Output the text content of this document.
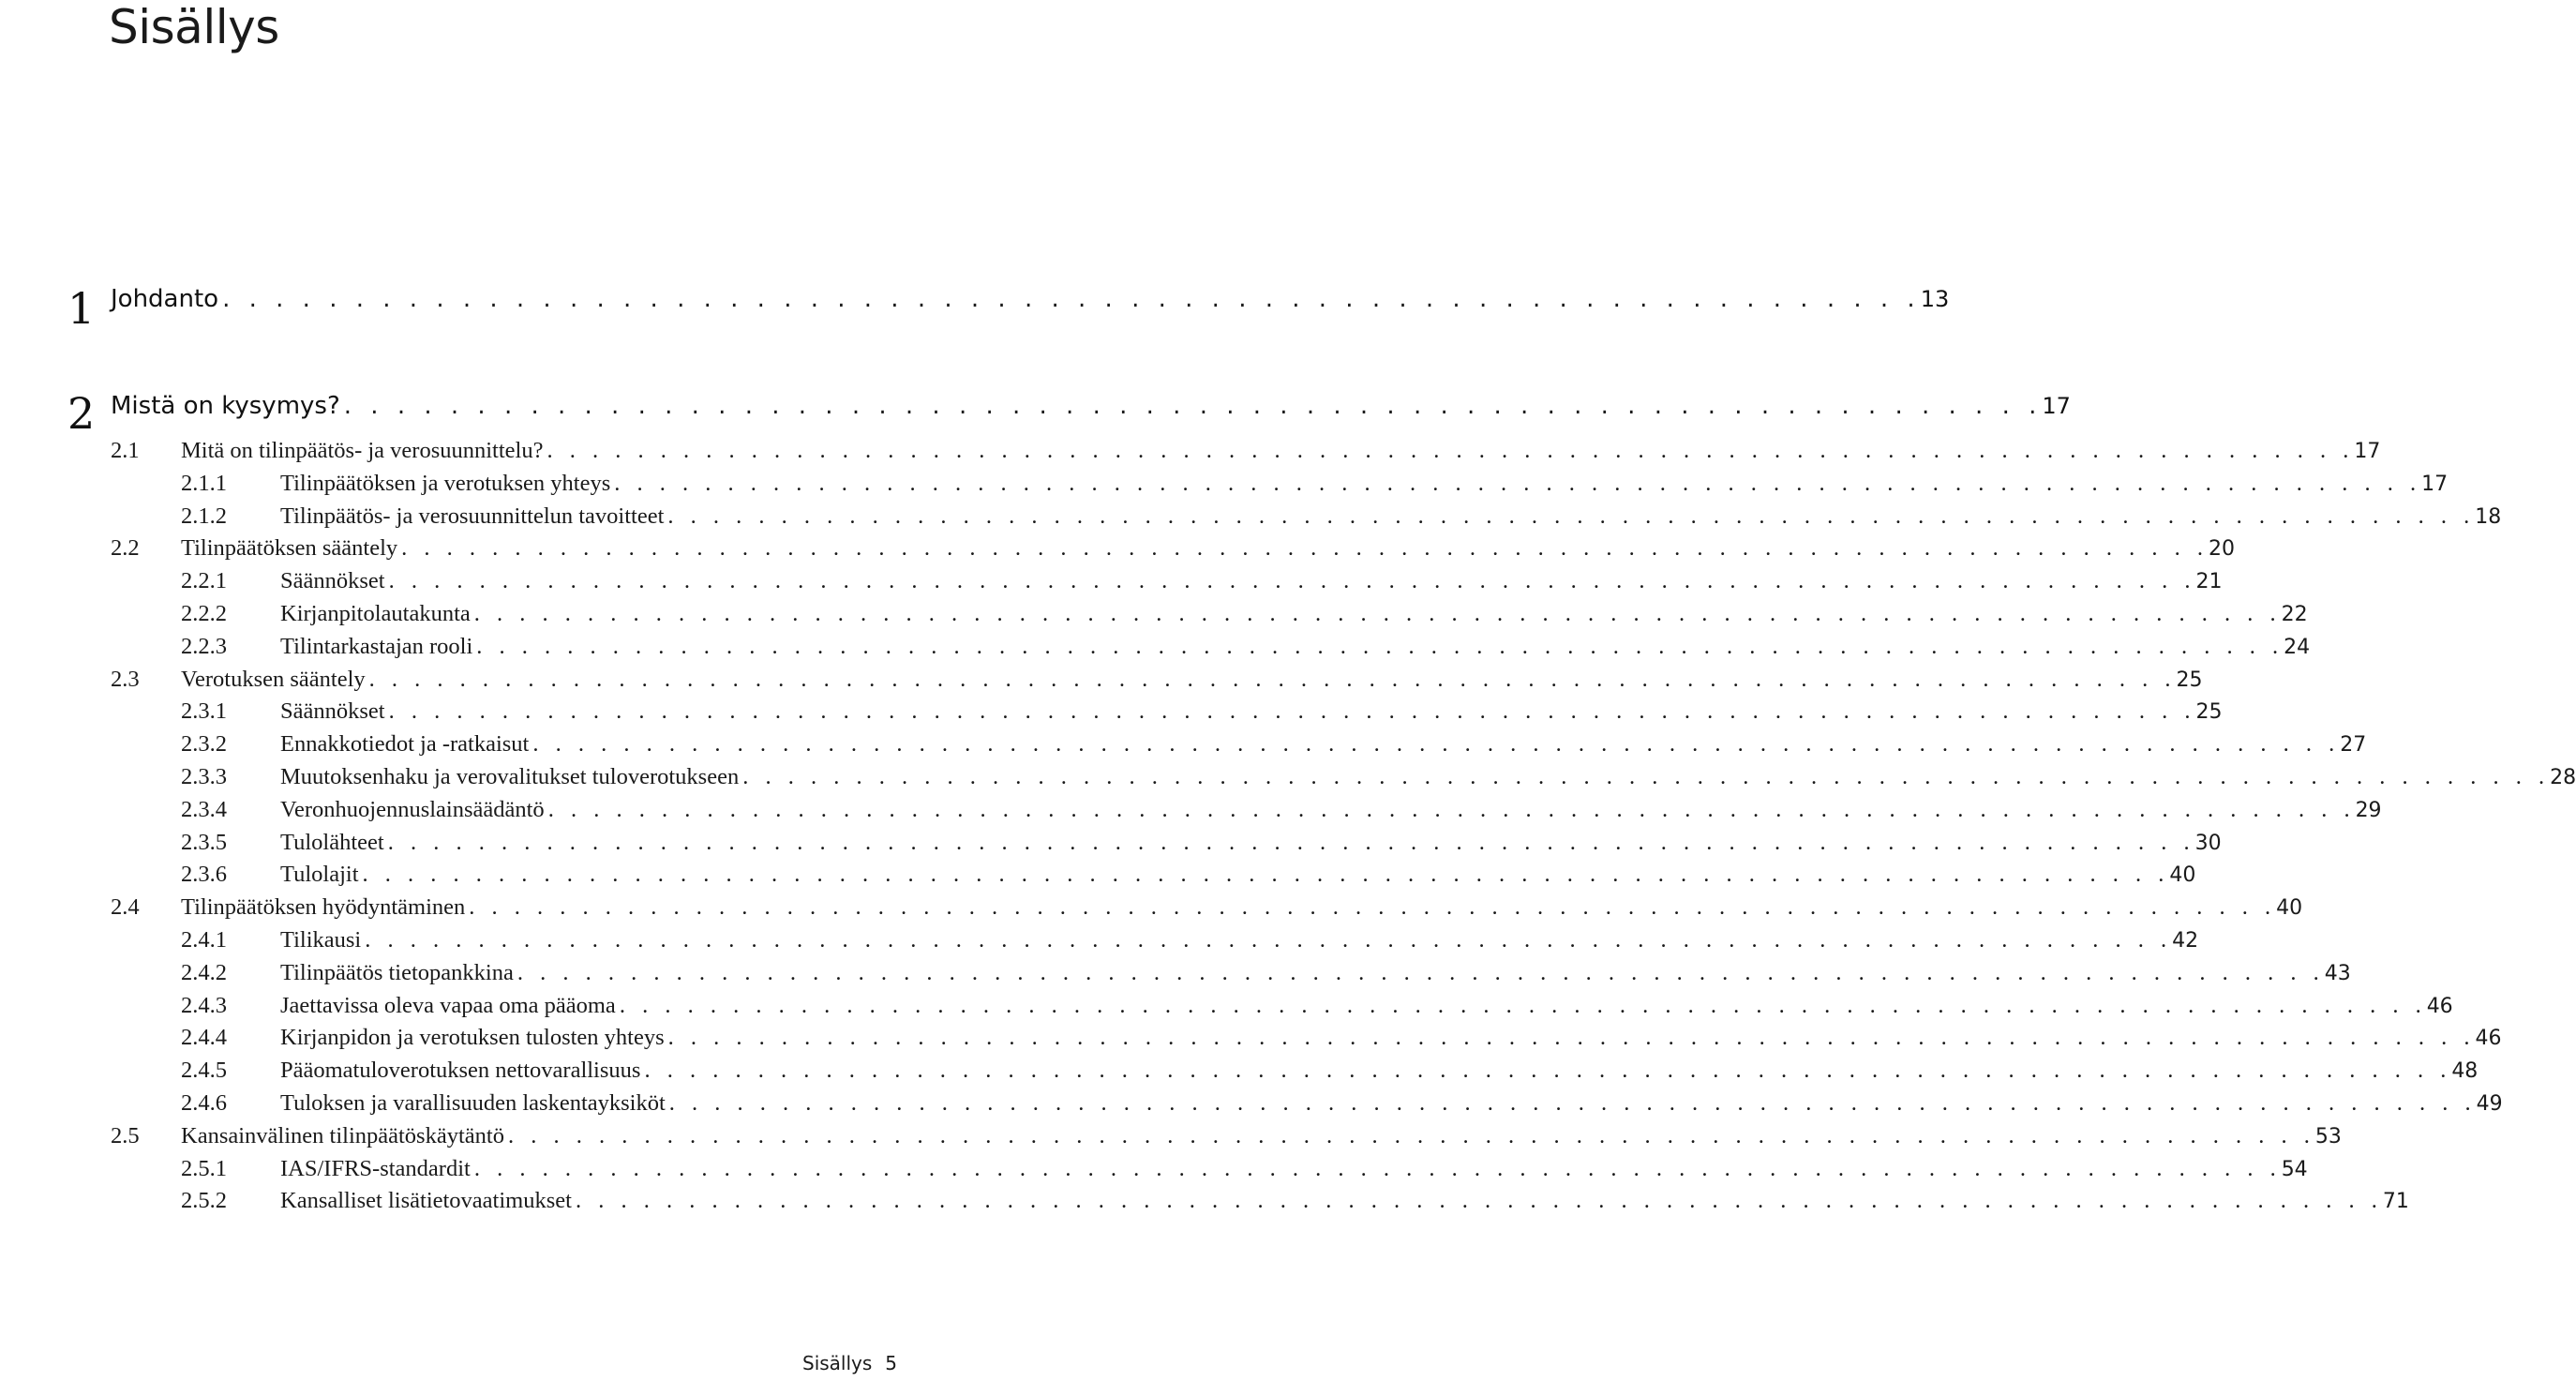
Sisällys
1 Johdanto . . . . . . . . . . . . . . . . . . . . . . . . . . . . . . . . . . . . . . . . . . . . . . . . . . . . . . . . . . . . . . . . 13
2 Mistä on kysymys? . . . . . . . . . . . . . . . . . . . . . . . . . . . . . . . . . . . . . . . . . . . . . . . . . . . . . . . . . . . . . . . . 17
2.1	Mitä on tilinpäätös- ja verosuunnittelu? . . . . . . . . . . . . . . . . . . . . . . . . . . . . . . . . . . . . . . . . . . . . . . . . . . . . . . . . . . . . . . . . . . . . . . . . . . . . . . . . 17
2.1.1	Tilinpäätöksen ja verotuksen yhteys . . . . . . . . . . . . . . . . . . . . . . . . . . . . . . . . . . . . . . . . . . . . . . . . . . . . . . . . . . . . . . . . . . . . . . . . . . . . . . . . 17
2.1.2	Tilinpäätös- ja verosuunnittelun tavoitteet . . . . . . . . . . . . . . . . . . . . . . . . . . . . . . . . . . . . . . . . . . . . . . . . . . . . . . . . . . . . . . . . . . . . . . . . . . . . . . . . 18
2.2	Tilinpäätöksen sääntely . . . . . . . . . . . . . . . . . . . . . . . . . . . . . . . . . . . . . . . . . . . . . . . . . . . . . . . . . . . . . . . . . . . . . . . . . . . . . . . . 20
2.2.1	Säännökset . . . . . . . . . . . . . . . . . . . . . . . . . . . . . . . . . . . . . . . . . . . . . . . . . . . . . . . . . . . . . . . . . . . . . . . . . . . . . . . . 21
2.2.2	Kirjanpitolautakunta . . . . . . . . . . . . . . . . . . . . . . . . . . . . . . . . . . . . . . . . . . . . . . . . . . . . . . . . . . . . . . . . . . . . . . . . . . . . . . . . 22
2.2.3	Tilintarkastajan rooli . . . . . . . . . . . . . . . . . . . . . . . . . . . . . . . . . . . . . . . . . . . . . . . . . . . . . . . . . . . . . . . . . . . . . . . . . . . . . . . . 24
2.3	Verotuksen sääntely . . . . . . . . . . . . . . . . . . . . . . . . . . . . . . . . . . . . . . . . . . . . . . . . . . . . . . . . . . . . . . . . . . . . . . . . . . . . . . . . 25
2.3.1	Säännökset . . . . . . . . . . . . . . . . . . . . . . . . . . . . . . . . . . . . . . . . . . . . . . . . . . . . . . . . . . . . . . . . . . . . . . . . . . . . . . . . 25
2.3.2	Ennakkotiedot ja -ratkaisut . . . . . . . . . . . . . . . . . . . . . . . . . . . . . . . . . . . . . . . . . . . . . . . . . . . . . . . . . . . . . . . . . . . . . . . . . . . . . . . . 27
2.3.3	Muutoksenhaku ja verovalitukset tuloverotukseen . . . . . . . . . . . . . . . . . . . . . . . . . . . . . . . . . . . . . . . . . . . . . . . . . . . . . . . . . . . . . . . . . . . . . . . . . . . . . . . . 28
2.3.4	Veronhuojennuslainsäädäntö . . . . . . . . . . . . . . . . . . . . . . . . . . . . . . . . . . . . . . . . . . . . . . . . . . . . . . . . . . . . . . . . . . . . . . . . . . . . . . . . 29
2.3.5	Tulolähteet . . . . . . . . . . . . . . . . . . . . . . . . . . . . . . . . . . . . . . . . . . . . . . . . . . . . . . . . . . . . . . . . . . . . . . . . . . . . . . . . 30
2.3.6	Tulolajit . . . . . . . . . . . . . . . . . . . . . . . . . . . . . . . . . . . . . . . . . . . . . . . . . . . . . . . . . . . . . . . . . . . . . . . . . . . . . . . . 40
2.4	Tilinpäätöksen hyödyntäminen . . . . . . . . . . . . . . . . . . . . . . . . . . . . . . . . . . . . . . . . . . . . . . . . . . . . . . . . . . . . . . . . . . . . . . . . . . . . . . . . 40
2.4.1	Tilikausi . . . . . . . . . . . . . . . . . . . . . . . . . . . . . . . . . . . . . . . . . . . . . . . . . . . . . . . . . . . . . . . . . . . . . . . . . . . . . . . . 42
2.4.2	Tilinpäätös tietopankkina . . . . . . . . . . . . . . . . . . . . . . . . . . . . . . . . . . . . . . . . . . . . . . . . . . . . . . . . . . . . . . . . . . . . . . . . . . . . . . . . 43
2.4.3	Jaettavissa oleva vapaa oma pääoma . . . . . . . . . . . . . . . . . . . . . . . . . . . . . . . . . . . . . . . . . . . . . . . . . . . . . . . . . . . . . . . . . . . . . . . . . . . . . . . . 46
2.4.4	Kirjanpidon ja verotuksen tulosten yhteys . . . . . . . . . . . . . . . . . . . . . . . . . . . . . . . . . . . . . . . . . . . . . . . . . . . . . . . . . . . . . . . . . . . . . . . . . . . . . . . . 46
2.4.5	Pääomatuloverotuksen nettovarallisuus . . . . . . . . . . . . . . . . . . . . . . . . . . . . . . . . . . . . . . . . . . . . . . . . . . . . . . . . . . . . . . . . . . . . . . . . . . . . . . . . 48
2.4.6	Tuloksen ja varallisuuden laskentayksiköt . . . . . . . . . . . . . . . . . . . . . . . . . . . . . . . . . . . . . . . . . . . . . . . . . . . . . . . . . . . . . . . . . . . . . . . . . . . . . . . . 49
2.5	Kansainvälinen tilinpäätöskäytäntö . . . . . . . . . . . . . . . . . . . . . . . . . . . . . . . . . . . . . . . . . . . . . . . . . . . . . . . . . . . . . . . . . . . . . . . . . . . . . . . . 53
2.5.1	IAS/IFRS-standardit . . . . . . . . . . . . . . . . . . . . . . . . . . . . . . . . . . . . . . . . . . . . . . . . . . . . . . . . . . . . . . . . . . . . . . . . . . . . . . . . 54
2.5.2	Kansalliset lisätietovaatimukset . . . . . . . . . . . . . . . . . . . . . . . . . . . . . . . . . . . . . . . . . . . . . . . . . . . . . . . . . . . . . . . . . . . . . . . . . . . . . . . . 71
Sisällys 5
